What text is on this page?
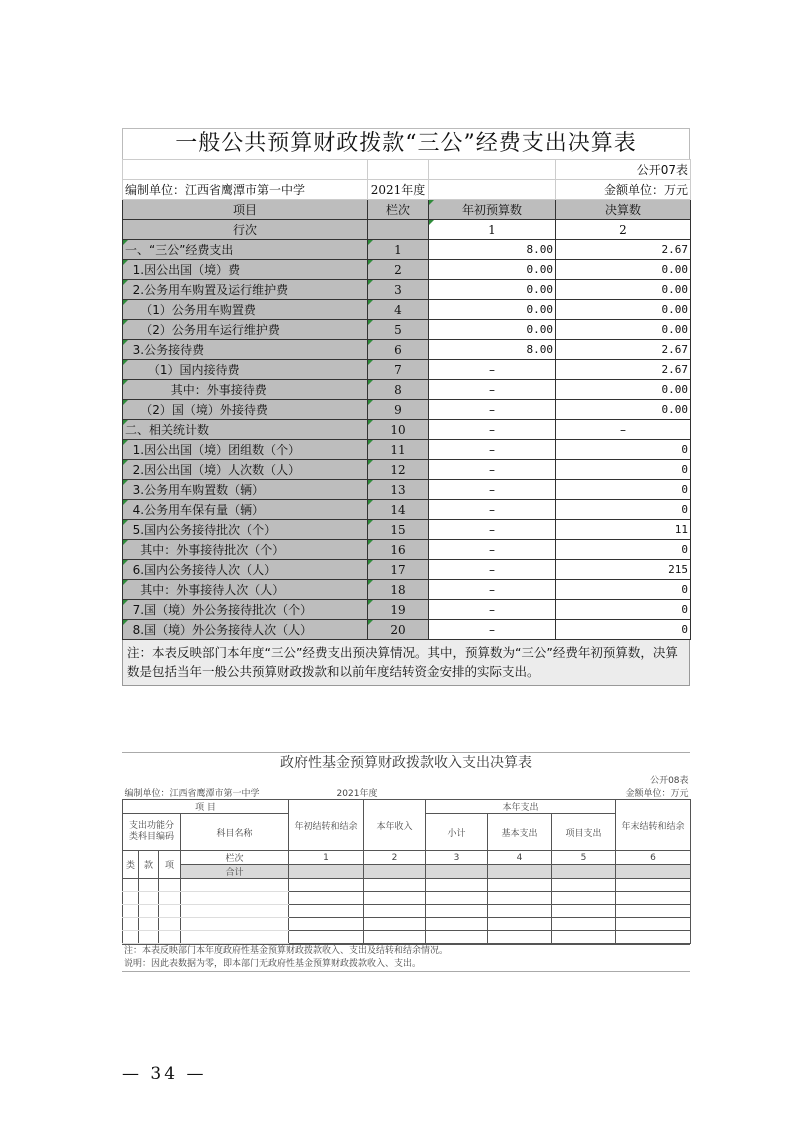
一般公共预算财政拨款“三公”经费支出决算表
			公开07表
编制单位：江西省鹰潭市第一中学	2021年度		金额单位：万元
项目	栏次	年初预算数	决算数
行次		1	2
一、“三公”经费支出	1	8.00	2.67
1.因公出国（境）费	2	0.00	0.00
2.公务用车购置及运行维护费	3	0.00	0.00
（1）公务用车购置费	4	0.00	0.00
（2）公务用车运行维护费	5	0.00	0.00
3.公务接待费	6	8.00	2.67
（1）国内接待费	7	–	2.67
其中：外事接待费	8	–	0.00
（2）国（境）外接待费	9	–	0.00
二、相关统计数	10	–	–
1.因公出国（境）团组数（个）	11	–	0
2.因公出国（境）人次数（人）	12	–	0
3.公务用车购置数（辆）	13	–	0
4.公务用车保有量（辆）	14	–	0
5.国内公务接待批次（个）	15	–	11
其中：外事接待批次（个）	16	–	0
6.国内公务接待人次（人）	17	–	215
其中：外事接待人次（人）	18	–	0
7.国（境）外公务接待批次（个）	19	–	0
8.国（境）外公务接待人次（人）	20	–	0
注：本表反映部门本年度“三公”经费支出预决算情况。其中，预算数为“三公”经费年初预算数，决算数是包括当年一般公共预算财政拨款和以前年度结转资金安排的实际支出。
政府性基金预算财政拨款收入支出决算表
								公开08表	
编制单位：江西省鹰潭市第一中学				2021年度				金额单位：万元	
项 目				年初结转和结余	本年收入	本年支出			年末结转和结余
支出功能分类科目编码			科目名称			小计	基本支出	项目支出	
类	款	项	栏次	1	2	3	4	5	6
			合计						

注：本表反映部门本年度政府性基金预算财政拨款收入、支出及结转和结余情况。
说明：因此表数据为零，即本部门无政府性基金预算财政拨款收入、支出。
— 34 —
